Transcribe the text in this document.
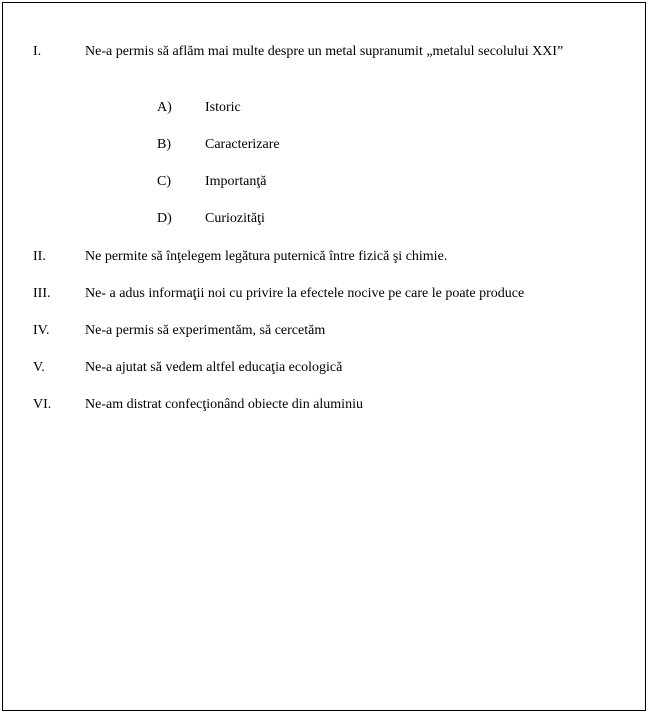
I.	Ne-a permis să aflăm mai multe despre un metal supranumit „metalul secolului XXI”
A) Istoric
B) Caracterizare
C) Importanţă
D) Curiozităţi
II.	Ne permite să înţelegem legătura puternică între fizică şi chimie.
III. Ne- a adus informaţii noi cu privire la efectele nocive pe care le poate produce
IV.	Ne-a permis să experimentăm, să cercetăm
V.	Ne-a ajutat să vedem altfel educaţia ecologică
VI. Ne-am distrat confecţionând obiecte din aluminiu
